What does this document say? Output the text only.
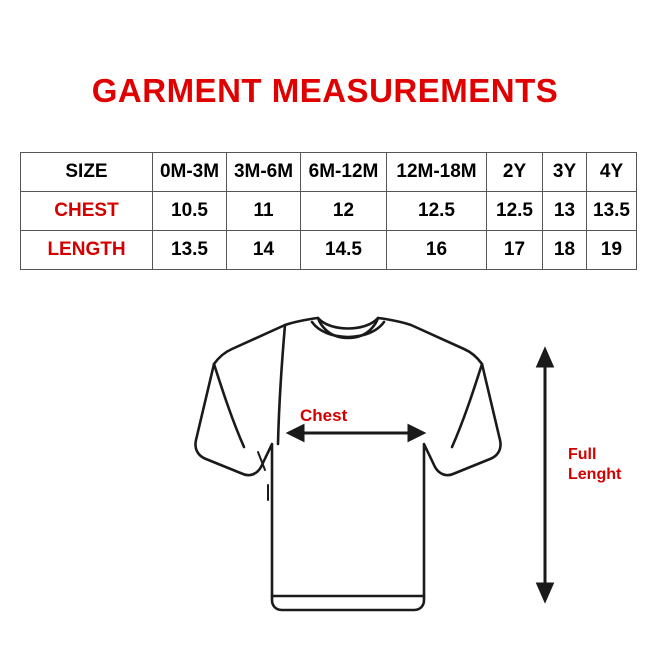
GARMENT MEASUREMENTS
SIZE	0M-3M	3M-6M	6M-12M	12M-18M	2Y	3Y	4Y
CHEST	10.5	11	12	12.5	12.5	13	13.5
LENGTH	13.5	14	14.5	16	17	18	19
Chest
Full
Lenght
